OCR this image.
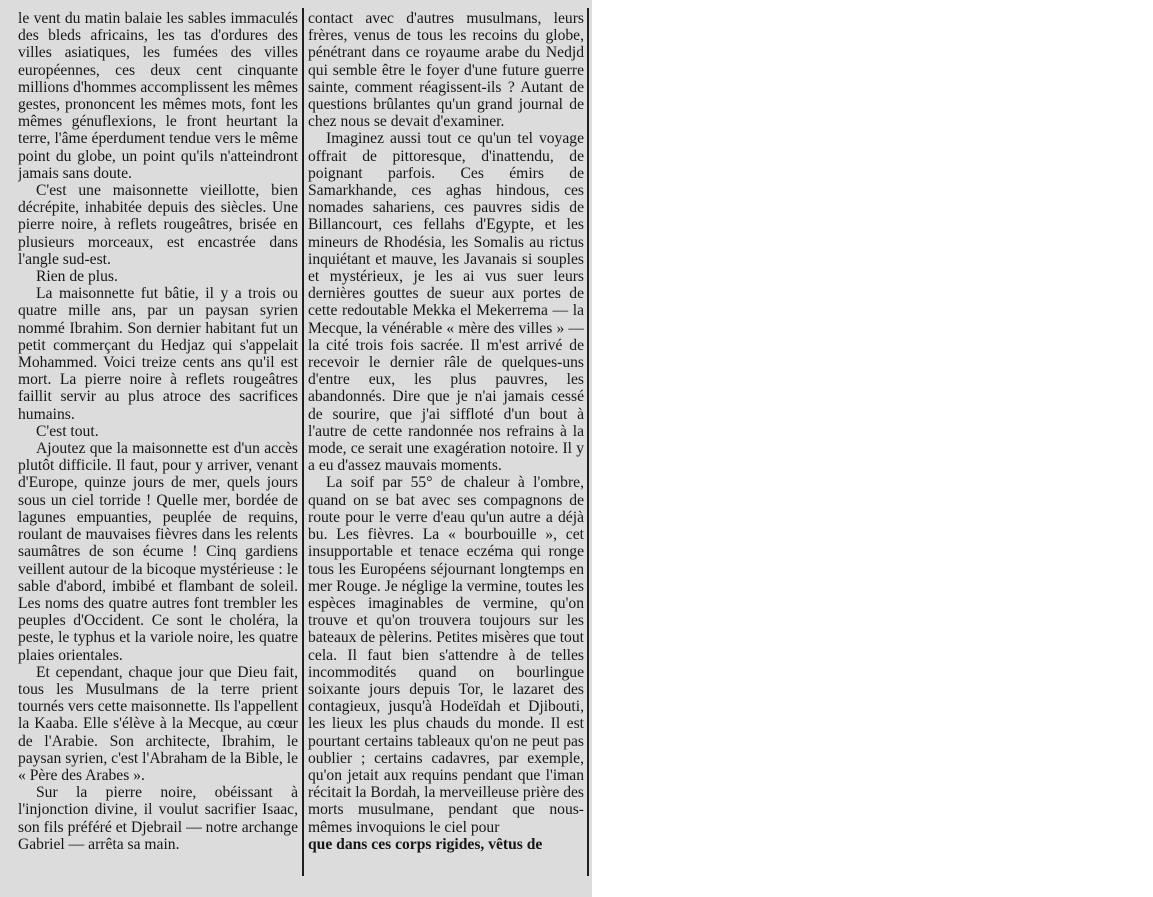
le vent du matin balaie les sables immaculés des bleds africains, les tas d'ordures des villes asiatiques, les fumées des villes européennes, ces deux cent cinquante millions d'hommes accomplissent les mêmes gestes, prononcent les mêmes mots, font les mêmes génuflexions, le front heurtant la terre, l'âme éperdument tendue vers le même point du globe, un point qu'ils n'atteindront jamais sans doute.

C'est une maisonnette vieillotte, bien décrépite, inhabitée depuis des siècles. Une pierre noire, à reflets rougeâtres, brisée en plusieurs morceaux, est encastrée dans l'angle sud-est.

Rien de plus.

La maisonnette fut bâtie, il y a trois ou quatre mille ans, par un paysan syrien nommé Ibrahim. Son dernier habitant fut un petit commerçant du Hedjaz qui s'appelait Mohammed. Voici treize cents ans qu'il est mort. La pierre noire à reflets rougeâtres faillit servir au plus atroce des sacrifices humains.

C'est tout.

Ajoutez que la maisonnette est d'un accès plutôt difficile. Il faut, pour y arriver, venant d'Europe, quinze jours de mer, quels jours sous un ciel torride ! Quelle mer, bordée de lagunes empuanties, peuplée de requins, roulant de mauvaises fièvres dans les relents saumâtres de son écume ! Cinq gardiens veillent autour de la bicoque mystérieuse : le sable d'abord, imbibé et flambant de soleil. Les noms des quatre autres font trembler les peuples d'Occident. Ce sont le choléra, la peste, le typhus et la variole noire, les quatre plaies orientales.

Et cependant, chaque jour que Dieu fait, tous les Musulmans de la terre prient tournés vers cette maisonnette. Ils l'appellent la Kaaba. Elle s'élève à la Mecque, au cœur de l'Arabie. Son architecte, Ibrahim, le paysan syrien, c'est l'Abraham de la Bible, le « Père des Arabes ».

Sur la pierre noire, obéissant à l'injonction divine, il voulut sacrifier Isaac, son fils préféré et Djebrail — notre archange Gabriel — arrêta sa main.

contact avec d'autres musulmans, leurs frères, venus de tous les recoins du globe, pénétrant dans ce royaume arabe du Nedjd qui semble être le foyer d'une future guerre sainte, comment réagissent-ils ? Autant de questions brûlantes qu'un grand journal de chez nous se devait d'examiner.

Imaginez aussi tout ce qu'un tel voyage offrait de pittoresque, d'inattendu, de poignant parfois. Ces émirs de Samarkhande, ces aghas hindous, ces nomades sahariens, ces pauvres sidis de Billancourt, ces fellahs d'Egypte, et les mineurs de Rhodésia, les Somalis au rictus inquiétant et mauve, les Javanais si souples et mystérieux, je les ai vus suer leurs dernières gouttes de sueur aux portes de cette redoutable Mekka el Mekerrema — la Mecque, la vénérable « mère des villes » — la cité trois fois sacrée. Il m'est arrivé de recevoir le dernier râle de quelques-uns d'entre eux, les plus pauvres, les abandonnés. Dire que je n'ai jamais cessé de sourire, que j'ai siffloté d'un bout à l'autre de cette randonnée nos refrains à la mode, ce serait une exagération notoire. Il y a eu d'assez mauvais moments.

La soif par 55° de chaleur à l'ombre, quand on se bat avec ses compagnons de route pour le verre d'eau qu'un autre a déjà bu. Les fièvres. La « bourbouille », cet insupportable et tenace eczéma qui ronge tous les Européens séjournant longtemps en mer Rouge. Je néglige la vermine, toutes les espèces imaginables de vermine, qu'on trouve et qu'on trouvera toujours sur les bateaux de pèlerins. Petites misères que tout cela. Il faut bien s'attendre à de telles incommodités quand on bourlingue soixante jours depuis Tor, le lazaret des contagieux, jusqu'à Hodeïdah et Djibouti, les lieux les plus chauds du monde. Il est pourtant certains tableaux qu'on ne peut pas oublier ; certains cadavres, par exemple, qu'on jetait aux requins pendant que l'iman récitait la Bordah, la merveilleuse prière des morts musulmane, pendant que nous-mêmes invoquions le ciel pour

que dans ces corps rigides, vêtus de
